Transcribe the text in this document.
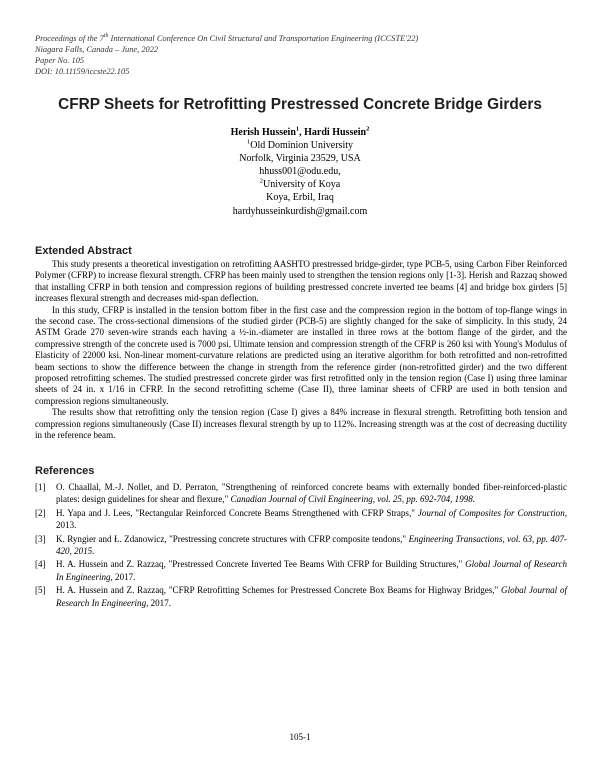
Proceedings of the 7th International Conference On Civil Structural and Transportation Engineering (ICCSTE'22)
Niagara Falls, Canada – June, 2022
Paper No. 105
DOI: 10.11159/iccste22.105
CFRP Sheets for Retrofitting Prestressed Concrete Bridge Girders
Herish Hussein$^1$, Hardi Hussein$^2$
$^1$Old Dominion University
Norfolk, Virginia 23529, USA
hhuss001@odu.edu,
$^2$University of Koya
Koya, Erbil, Iraq
hardyhusseinkurdish@gmail.com
Extended Abstract

This study presents a theoretical investigation on retrofitting AASHTO prestressed bridge-girder, type PCB-5, using Carbon Fiber Reinforced Polymer (CFRP) to increase flexural strength. CFRP has been mainly used to strengthen the tension regions only [1-3]. Herish and Razzaq showed that installing CFRP in both tension and compression regions of building prestressed concrete inverted tee beams [4] and bridge box girders [5] increases flexural strength and decreases mid-span deflection.

In this study, CFRP is installed in the tension bottom fiber in the first case and the compression region in the bottom of top-flange wings in the second case. The cross-sectional dimensions of the studied girder (PCB-5) are slightly changed for the sake of simplicity. In this study, 24 ASTM Grade 270 seven-wire strands each having a ½-in.-diameter are installed in three rows at the bottom flange of the girder, and the compressive strength of the concrete used is 7000 psi. Ultimate tension and compression strength of the CFRP is 260 ksi with Young's Modulus of Elasticity of 22000 ksi. Non-linear moment-curvature relations are predicted using an iterative algorithm for both retrofitted and non-retrofitted beam sections to show the difference between the change in strength from the reference girder (non-retrofitted girder) and the two different proposed retrofitting schemes. The studied prestressed concrete girder was first retrofitted only in the tension region (Case I) using three laminar sheets of 24 in. x 1/16 in CFRP. In the second retrofitting scheme (Case II), three laminar sheets of CFRP are used in both tension and compression regions simultaneously.

The results show that retrofitting only the tension region (Case I) gives a 84% increase in flexural strength. Retrofitting both tension and compression regions simultaneously (Case II) increases flexural strength by up to 112%. Increasing strength was at the cost of decreasing ductility in the reference beam.

References
[1]	O. Chaallal, M.-J. Nollet, and D. Perraton, "Strengthening of reinforced concrete beams with externally bonded fiber-reinforced-plastic plates: design guidelines for shear and flexure," Canadian Journal of Civil Engineering, vol. 25, pp. 692-704, 1998.
[2]	H. Yapa and J. Lees, "Rectangular Reinforced Concrete Beams Strengthened with CFRP Straps," Journal of Composites for Construction, 2013.
[3]	K. Ryngier and Ł. Zdanowicz, "Prestressing concrete structures with CFRP composite tendons," Engineering Transactions, vol. 63, pp. 407-420, 2015.
[4]	H. A. Hussein and Z. Razzaq, "Prestressed Concrete Inverted Tee Beams With CFRP for Building Structures," Global Journal of Research In Engineering, 2017.
[5]	H. A. Hussein and Z. Razzaq, "CFRP Retrofitting Schemes for Prestressed Concrete Box Beams for Highway Bridges," Global Journal of Research In Engineering, 2017.
105-1
